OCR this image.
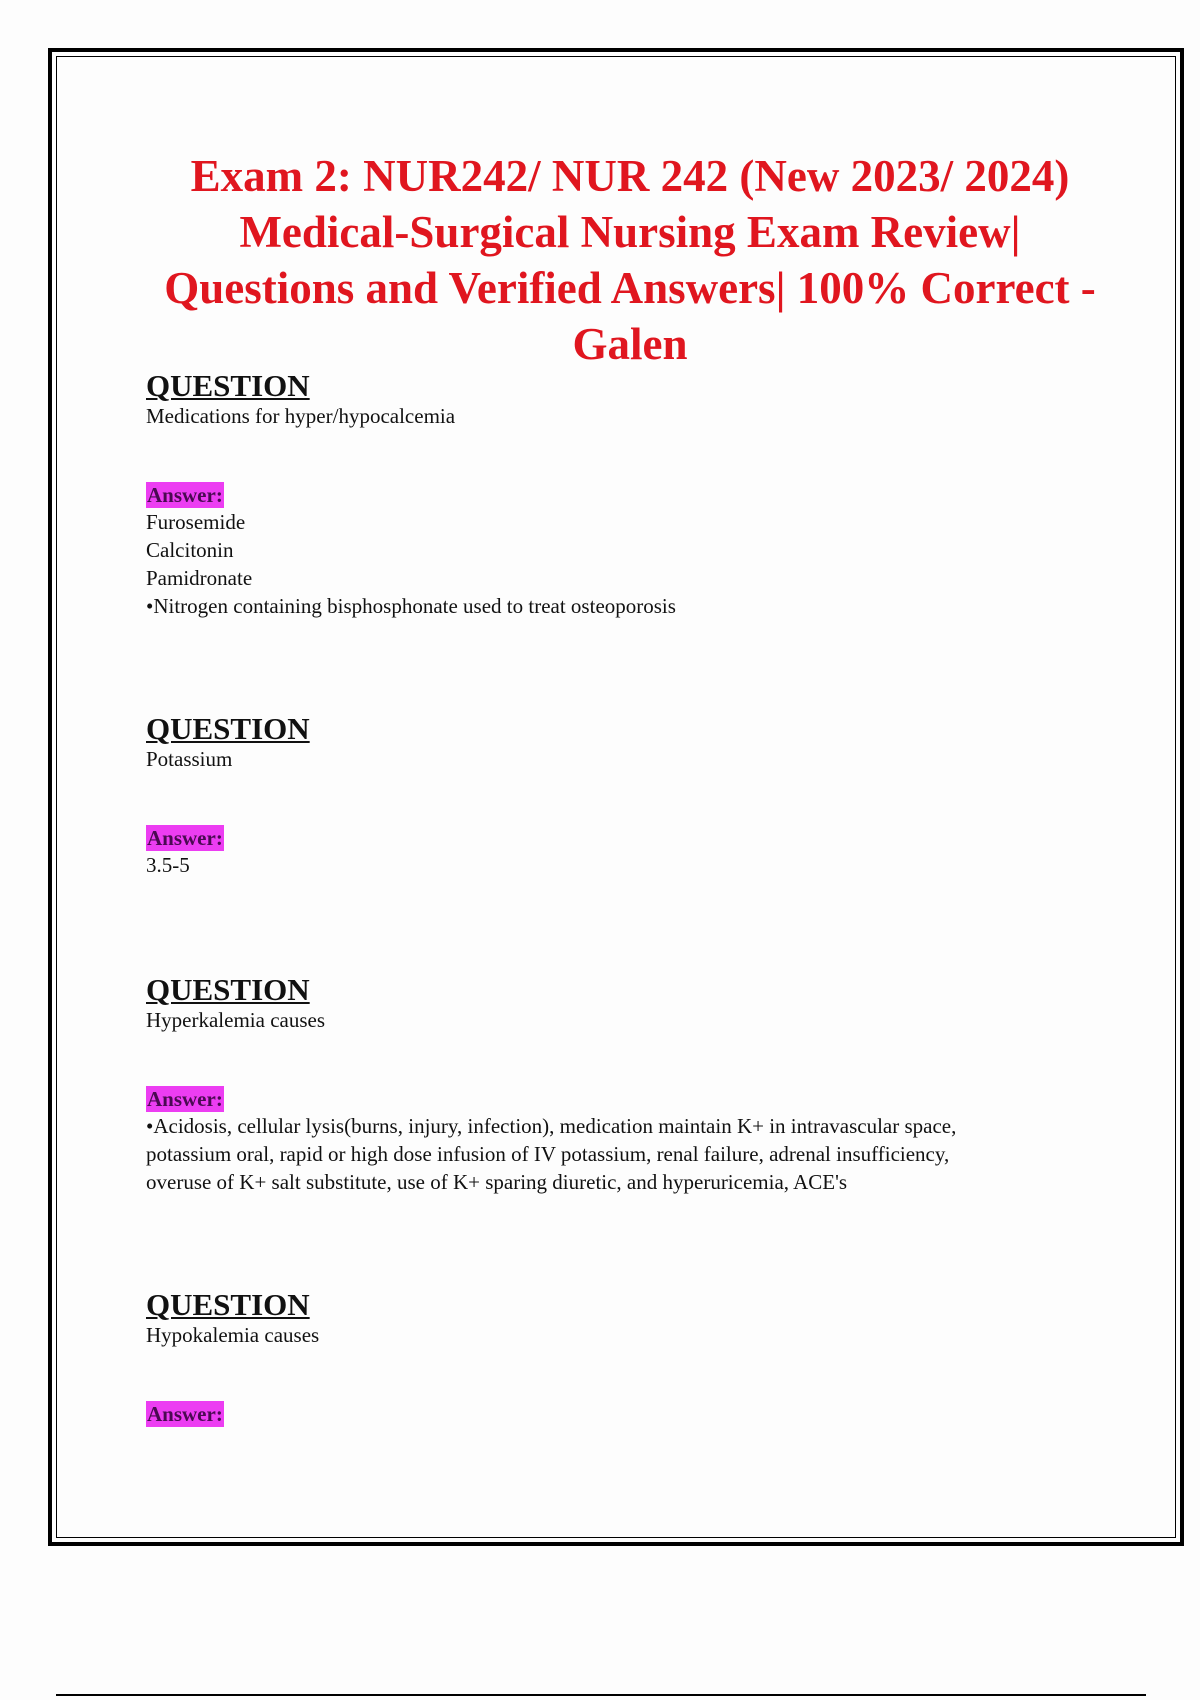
Exam 2: NUR242/ NUR 242 (New 2023/ 2024) Medical-Surgical Nursing Exam Review| Questions and Verified Answers| 100% Correct - Galen

QUESTION

Medications for hyper/hypocalcemia

Answer:
Furosemide
Calcitonin
Pamidronate
•Nitrogen containing bisphosphonate used to treat osteoporosis

QUESTION

Potassium

Answer:
3.5-5

QUESTION

Hyperkalemia causes

Answer:
•Acidosis, cellular lysis(burns, injury, infection), medication maintain K+ in intravascular space,
potassium oral, rapid or high dose infusion of IV potassium, renal failure, adrenal insufficiency,
overuse of K+ salt substitute, use of K+ sparing diuretic, and hyperuricemia, ACE's

QUESTION

Hypokalemia causes

Answer:
